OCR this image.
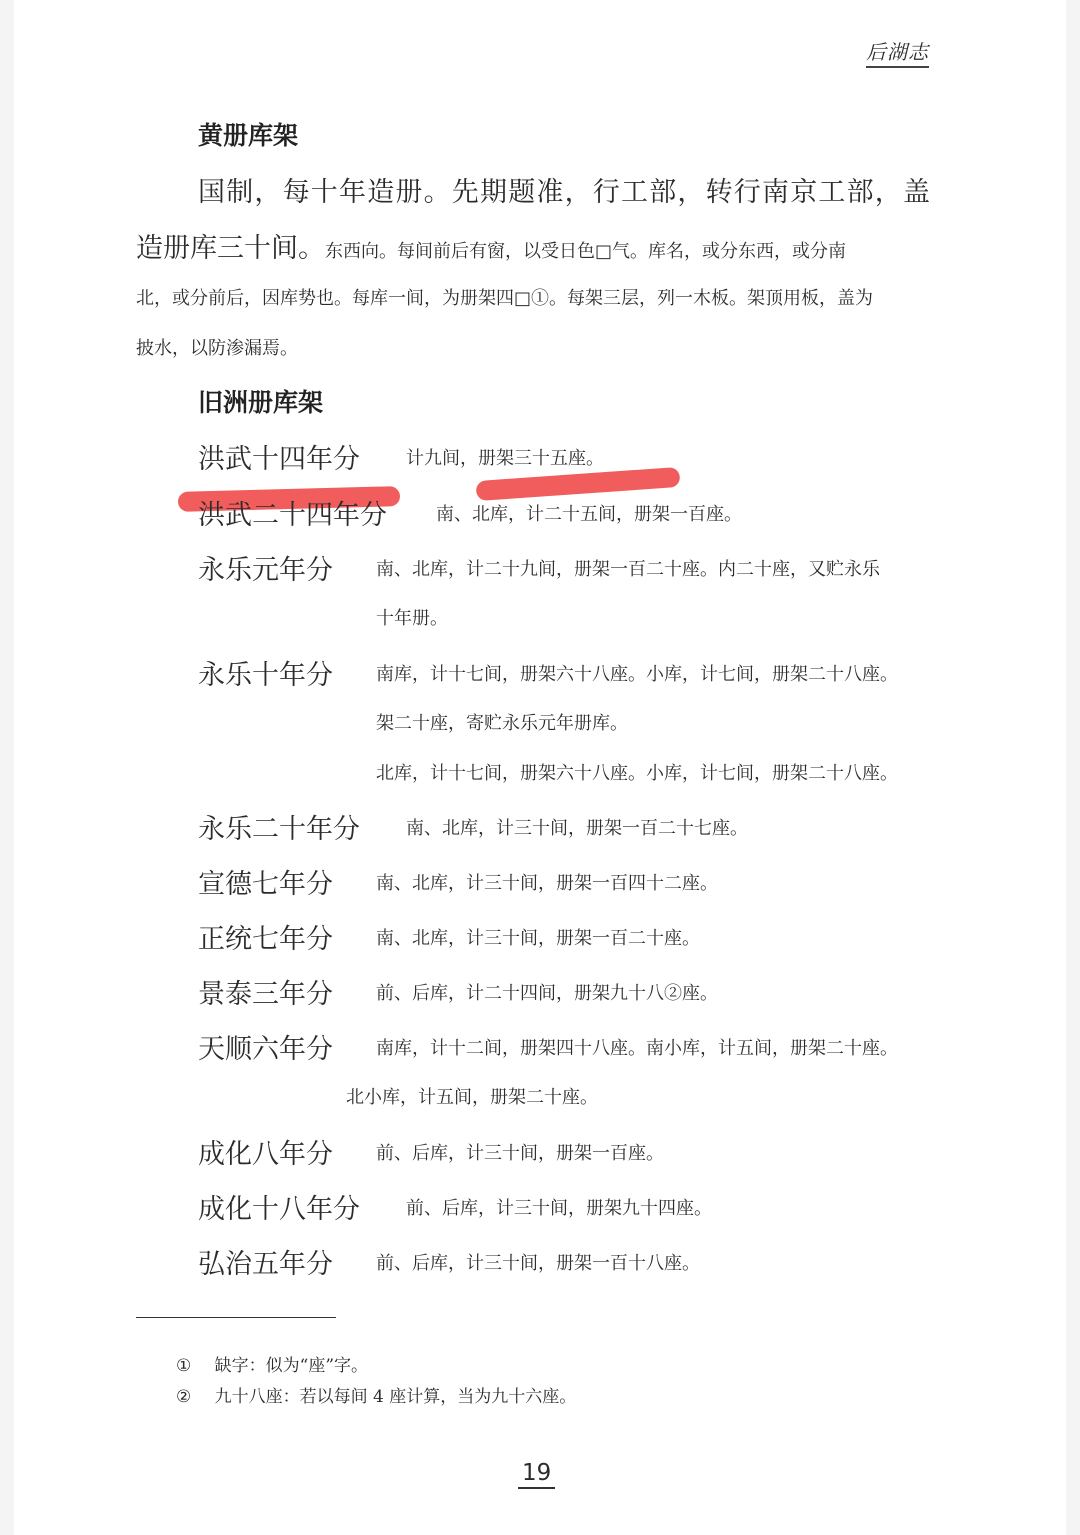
后湖志
黄册库架
国制，每十年造册。先期题准，行工部，转行南京工部，盖
造册库三十间。东西向。每间前后有窗，以受日色□气。库名，或分东西，或分南
北，或分前后，因库势也。每库一间，为册架四□①。每架三层，列一木板。架顶用板，盖为
披水，以防渗漏焉。
旧洲册库架
洪武十四年分	计九间，册架三十五座。
洪武二十四年分	南、北库，计二十五间，册架一百座。
永乐元年分 南、北库，计二十九间，册架一百二十座。内二十座，又贮永乐
十年册。
永乐十年分 南库，计十七间，册架六十八座。小库，计七间，册架二十八座。
架二十座，寄贮永乐元年册库。
北库，计十七间，册架六十八座。小库，计七间，册架二十八座。
永乐二十年分	南、北库，计三十间，册架一百二十七座。
宣德七年分 南、北库，计三十间，册架一百四十二座。
正统七年分 南、北库，计三十间，册架一百二十座。
景泰三年分 前、后库，计二十四间，册架九十八②座。
天顺六年分 南库，计十二间，册架四十八座。南小库，计五间，册架二十座。
北小库，计五间，册架二十座。
成化八年分 前、后库，计三十间，册架一百座。
成化十八年分	前、后库，计三十间，册架九十四座。
弘治五年分 前、后库，计三十间，册架一百十八座。
① 缺字：似为“座”字。
② 九十八座：若以每间 4 座计算，当为九十六座。
19
